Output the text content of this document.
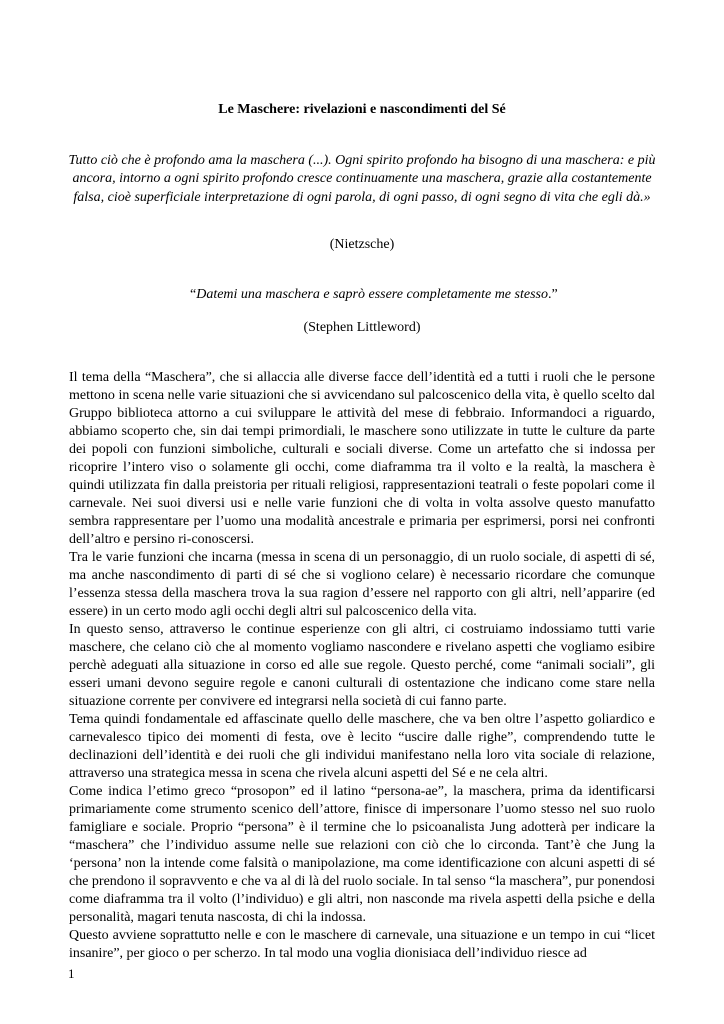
Le Maschere: rivelazioni e nascondimenti del Sé
Tutto ciò che è profondo ama la maschera (...). Ogni spirito profondo ha bisogno di una maschera: e più ancora, intorno a ogni spirito profondo cresce continuamente una maschera, grazie alla costantemente falsa, cioè superficiale interpretazione di ogni parola, di ogni passo, di ogni segno di vita che egli dà.»
(Nietzsche)
“Datemi una maschera e saprò essere completamente me stesso.”
(Stephen Littleword)

Il tema della “Maschera”, che si allaccia alle diverse facce dell’identità ed a tutti i ruoli che le persone mettono in scena nelle varie situazioni che si avvicendano sul palcoscenico della vita, è quello scelto dal Gruppo biblioteca attorno a cui sviluppare le attività del mese di febbraio. Informandoci a riguardo, abbiamo scoperto che, sin dai tempi primordiali, le maschere sono utilizzate in tutte le culture da parte dei popoli con funzioni simboliche, culturali e sociali diverse. Come un artefatto che si indossa per ricoprire l’intero viso o solamente gli occhi, come diaframma tra il volto e la realtà, la maschera è quindi utilizzata fin dalla preistoria per rituali religiosi, rappresentazioni teatrali o feste popolari come il carnevale. Nei suoi diversi usi e nelle varie funzioni che di volta in volta assolve questo manufatto sembra rappresentare per l’uomo una modalità ancestrale e primaria per esprimersi, porsi nei confronti dell’altro e persino ri-conoscersi.

Tra le varie funzioni che incarna (messa in scena di un personaggio, di un ruolo sociale, di aspetti di sé, ma anche nascondimento di parti di sé che si vogliono celare) è necessario ricordare che comunque l’essenza stessa della maschera trova la sua ragion d’essere nel rapporto con gli altri, nell’apparire (ed essere) in un certo modo agli occhi degli altri sul palcoscenico della vita.

In questo senso, attraverso le continue esperienze con gli altri, ci costruiamo indossiamo tutti varie maschere, che celano ciò che al momento vogliamo nascondere e rivelano aspetti che vogliamo esibire perchè adeguati alla situazione in corso ed alle sue regole. Questo perché, come “animali sociali”, gli esseri umani devono seguire regole e canoni culturali di ostentazione che indicano come stare nella situazione corrente per convivere ed integrarsi nella società di cui fanno parte.

Tema quindi fondamentale ed affascinate quello delle maschere, che va ben oltre l’aspetto goliardico e carnevalesco tipico dei momenti di festa, ove è lecito “uscire dalle righe”, comprendendo tutte le declinazioni dell’identità e dei ruoli che gli individui manifestano nella loro vita sociale di relazione, attraverso una strategica messa in scena che rivela alcuni aspetti del Sé e ne cela altri.

Come indica l’etimo greco “prosopon” ed il latino “persona-ae”, la maschera, prima da identificarsi primariamente come strumento scenico dell’attore, finisce di impersonare l’uomo stesso nel suo ruolo famigliare e sociale. Proprio “persona” è il termine che lo psicoanalista Jung adotterà per indicare la “maschera” che l’individuo assume nelle sue relazioni con ciò che lo circonda. Tant’è che Jung la ‘persona’ non la intende come falsità o manipolazione, ma come identificazione con alcuni aspetti di sé che prendono il sopravvento e che va al di là del ruolo sociale. In tal senso “la maschera”, pur ponendosi come diaframma tra il volto (l’individuo) e gli altri, non nasconde ma rivela aspetti della psiche e della personalità, magari tenuta nascosta, di chi la indossa.

Questo avviene soprattutto nelle e con le maschere di carnevale, una situazione e un tempo in cui “licet insanire”, per gioco o per scherzo. In tal modo una voglia dionisiaca dell’individuo riesce ad

1
